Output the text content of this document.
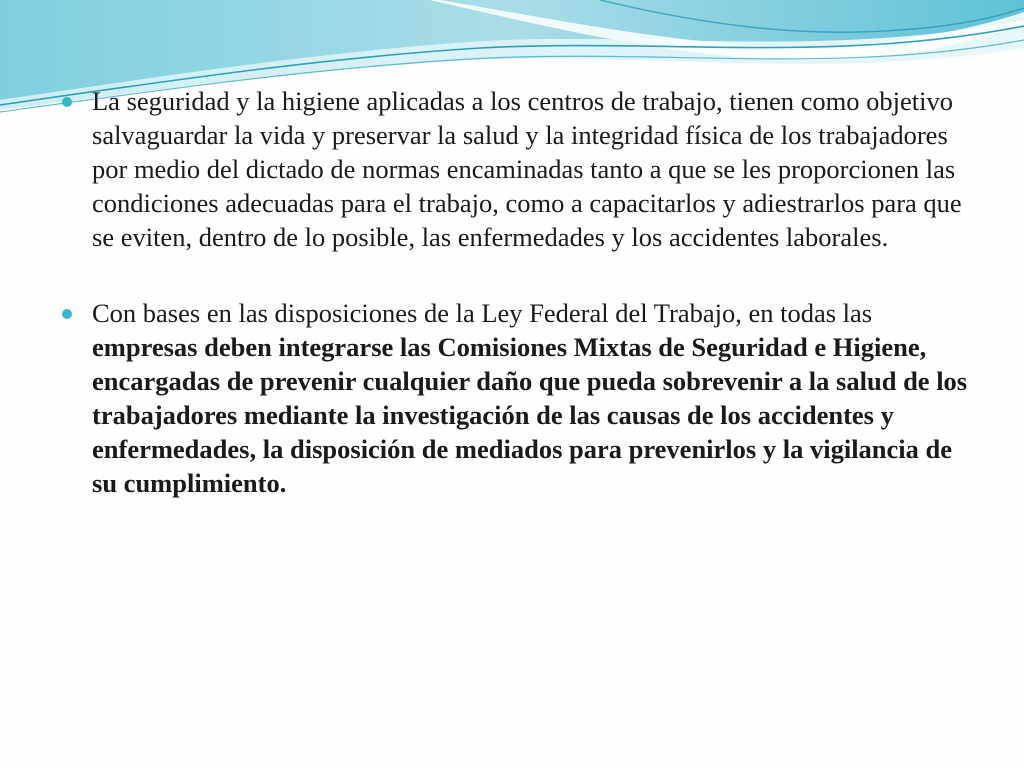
La seguridad y la higiene aplicadas a los centros de trabajo, tienen como objetivo salvaguardar la vida y preservar la salud y la integridad física de los trabajadores por medio del dictado de normas encaminadas tanto a que se les proporcionen las condiciones adecuadas para el trabajo, como a capacitarlos y adiestrarlos para que se eviten, dentro de lo posible, las enfermedades y los accidentes laborales.

Con bases en las disposiciones de la Ley Federal del Trabajo, en todas las empresas deben integrarse las Comisiones Mixtas de Seguridad e Higiene, encargadas de prevenir cualquier daño que pueda sobrevenir a la salud de los trabajadores mediante la investigación de las causas de los accidentes y enfermedades, la disposición de mediados para prevenirlos y la vigilancia de su cumplimiento.
